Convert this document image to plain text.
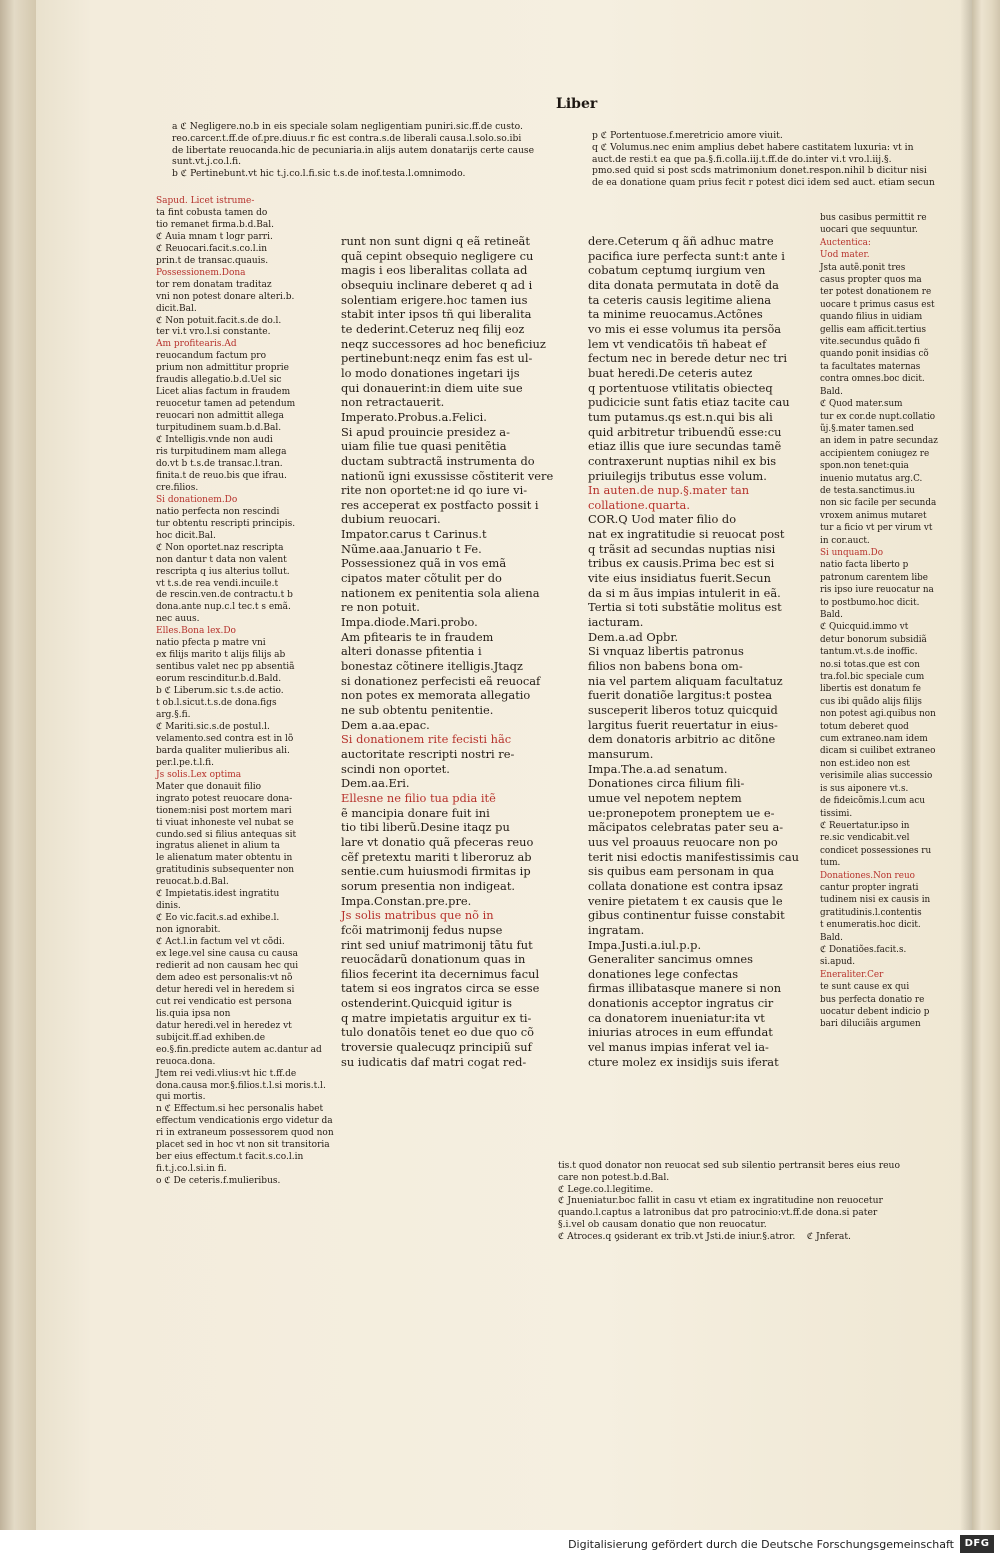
Liber
a ℭ Negligere.no.b in eis speciale solam negligentiam puniri.sic.ff.de custo.
reo.carcer.t.ff.de of.pre.diuus.r fic est contra.s.de liberali causa.l.solo.so.ibi
de libertate reuocanda.hic de pecuniaria.in alijs autem donatarijs certe cause
sunt.vt.j.co.l.fi.
b ℭ Pertinebunt.vt hic t.j.co.l.fi.sic t.s.de inof.testa.l.omnimodo.
p ℭ Portentuose.f.meretricio amore viuit.
q ℭ Volumus.nec enim amplius debet habere castitatem luxuria: vt in
auct.de resti.t ea que pa.§.fi.colla.iij.t.ff.de do.inter vi.t vro.l.iij.§.
pmo.sed quid si post scds matrimonium donet.respon.nihil b dicitur nisi
de ea donatione quam prius fecit r potest dici idem sed auct. etiam secun
Sapud. Licet istrume-
ta fint cobusta tamen do
tio remanet firma.b.d.Bal.
ℭ Auia mnam t logr parri.
ℭ Reuocari.facit.s.co.l.in
prin.t de transac.quauis.
Possessionem.Dona
tor rem donatam traditaz
vni non potest donare alteri.b.
dicit.Bal.
ℭ Non potuit.facit.s.de do.l.
ter vi.t vro.l.si constante.
Am profitearis.Ad
reuocandum factum pro
prium non admittitur proprie
fraudis allegatio.b.d.Uel sic
Licet alias factum in fraudem
reuocetur tamen ad petendum
reuocari non admittit allega
turpitudinem suam.b.d.Bal.
ℭ Intelligis.vnde non audi
ris turpitudinem mam allega
do.vt b t.s.de transac.l.tran.
finita.t de reuo.bis que ifrau.
cre.filios.
Si donationem.Do
natio perfecta non rescindi
tur obtentu rescripti principis.
hoc dicit.Bal.
ℭ Non oportet.naz rescripta
non dantur t data non valent
rescripta q ius alterius tollut.
vt t.s.de rea vendi.incuile.t
de rescin.ven.de contractu.t b
dona.ante nup.c.l tec.t s emã.
nec auus.
Elles.Bona lex.Do
natio pfecta p matre vni
ex filijs marito t alijs filijs ab
sentibus valet nec pp absentiã
eorum rescinditur.b.d.Bald.
b ℭ Liberum.sic t.s.de actio.
t ob.l.sicut.t.s.de dona.figs
arg.§.fi.
ℭ Mariti.sic.s.de postul.l.
velamento.sed contra est in lõ
barda qualiter mulieribus ali.
per.l.pe.t.l.fi.
Js solis.Lex optima
Mater que donauit filio
ingrato potest reuocare dona-
tionem:nisi post mortem mari
ti viuat inhoneste vel nubat se
cundo.sed si filius antequas sit
ingratus alienet in alium ta
le alienatum mater obtentu in
gratitudinis subsequenter non
reuocat.b.d.Bal.
ℭ Impietatis.idest ingratitu
dinis.
ℭ Eo vic.facit.s.ad exhibe.l.
non ignorabit.
ℭ Act.l.in factum vel vt cõdi.
ex lege.vel sine causa cu causa
redierit ad non causam hec qui
dem adeo est personalis:vt nõ
detur heredi vel in heredem si
cut rei vendicatio est persona
lis.quia ipsa non
datur heredi.vel in heredez vt
subijcit.ff.ad exhiben.de eo.§.fin.predicte autem ac.dantur ad reuoca.dona.
Jtem rei vedi.vlius:vt hic t.ff.de dona.causa mor.§.filios.t.l.si moris.t.l.
qui mortis.
n ℭ Effectum.si hec personalis habet effectum vendicationis ergo videtur da
ri in extraneum possessorem quod non placet sed in hoc vt non sit transitoria
ber eius effectum.t facit.s.co.l.in fi.t.j.co.l.si.in fi.
o ℭ De ceteris.f.mulieribus.
runt non sunt digni q eã retineãt
quã cepint obsequio negligere cu
magis i eos liberalitas collata ad
obsequiu inclinare deberet q ad i
solentiam erigere.hoc tamen ius
stabit inter ipsos tñ qui liberalita
te dederint.Ceteruz neq filij eoz
neqz successores ad hoc beneficiuz
pertinebunt:neqz enim fas est ul-
lo modo donationes ingetari ijs
qui donauerint:in diem uite sue
non retractauerit.
Imperato.Probus.a.Felici.
Si apud prouincie presidez a-
uiam filie tue quasi penitẽtia
ductam subtractã instrumenta do
nationũ igni exussisse cõstiterit vere
rite non oportet:ne id qo iure vi-
res acceperat ex postfacto possit i
dubium reuocari.
Impator.carus t Carinus.t
Nũme.aaa.Januario t Fe.
Possessionez quã in vos emã
cipatos mater cõtulit per do
nationem ex penitentia sola aliena
re non potuit.
Impa.diode.Mari.probo.
Am pfitearis te in fraudem
alteri donasse pfitentia i
bonestaz cõtinere itelligis.Jtaqz
si donationez perfecisti eã reuocaf
non potes ex memorata allegatio
ne sub obtentu penitentie.
Dem a.aa.epac.
Si donationem rite fecisti hãc
auctoritate rescripti nostri re-
scindi non oportet.
Dem.aa.Eri.
Ellesne ne filio tua pdia itẽ
ẽ mancipia donare fuit ini
tio tibi liberũ.Desine itaqz pu
lare vt donatio quã pfeceras reuo
cẽf pretextu mariti t liberoruz ab
sentie.cum huiusmodi firmitas ip
sorum presentia non indigeat.
Impa.Constan.pre.pre.
Js solis matribus que nõ in
fcõi matrimonij fedus nupse
rint sed uniuf matrimonij tãtu fut
reuocãdarũ donationum quas in
filios fecerint ita decernimus facul
tatem si eos ingratos circa se esse
ostenderint.Quicquid igitur is
q matre impietatis arguitur ex ti-
tulo donatõis tenet eo due quo cõ
troversie qualecuqz principiũ suf
su iudicatis daf matri cogat red-
dere.Ceterum q ãñ adhuc matre
pacifica iure perfecta sunt:t ante i
cobatum ceptumq iurgium ven
dita donata permutata in dotẽ da
ta ceteris causis legitime aliena
ta minime reuocamus.Actõnes
vo mis ei esse volumus ita persõa
lem vt vendicatõis tñ habeat ef
fectum nec in berede detur nec tri
buat heredi.De ceteris autez
q portentuose vtilitatis obiecteq
pudicicie sunt fatis etiaz tacite cau
tum putamus.qs est.n.qui bis ali
quid arbitretur tribuendũ esse:cu
etiaz illis que iure secundas tamẽ
contraxerunt nuptias nihil ex bis
priuilegijs tributus esse volum.
In auten.de nup.§.mater tan
collatione.quarta.
COR.Q Uod mater filio do
nat ex ingratitudie si reuocat post
q trãsit ad secundas nuptias nisi
tribus ex causis.Prima bec est si
vite eius insidiatus fuerit.Secun
da si m ãus impias intulerit in eã.
Tertia si toti substãtie molitus est
iacturam.
Dem.a.ad Opbr.
Si vnquaz libertis patronus
filios non babens bona om-
nia vel partem aliquam facultatuz
fuerit donatiõe largitus:t postea
susceperit liberos totuz quicquid
largitus fuerit reuertatur in eius-
dem donatoris arbitrio ac ditõne
mansurum.
Impa.The.a.ad senatum.
Donationes circa filium fili-
umue vel nepotem neptem
ue:pronepotem proneptem ue e-
mãcipatos celebratas pater seu a-
uus vel proauus reuocare non po
terit nisi edoctis manifestissimis cau
sis quibus eam personam in qua
collata donatione est contra ipsaz
venire pietatem t ex causis que le
gibus continentur fuisse constabit
ingratam.
Impa.Justi.a.iul.p.p.
Generaliter sancimus omnes
donationes lege confectas
firmas illibatasque manere si non
donationis acceptor ingratus cir
ca donatorem inueniatur:ita vt
iniurias atroces in eum effundat
vel manus impias inferat vel ia-
cture molez ex insidijs suis iferat
bus casibus permittit re
uocari que sequuntur.
Auctentica:
Uod mater.
Jsta autẽ.ponit tres
casus propter quos ma
ter potest donationem re
uocare t primus casus est
quando filius in uidiam
gellis eam afficit.tertius
vite.secundus quãdo fi
quando ponit insidias cõ
ta facultates maternas
contra omnes.boc dicit.
Bald.
ℭ Quod mater.sum
tur ex cor.de nupt.collatio
ũj.§.mater tamen.sed
an idem in patre secundaz
accipientem coniugez re
spon.non tenet:quia
inuenio mutatus arg.C.
de testa.sanctimus.iu
non sic facile per secunda
vroxem animus mutaret
tur a ficio vt per virum vt
in cor.auct.
Si unquam.Do
natio facta liberto p
patronum carentem libe
ris ipso iure reuocatur na
to postbumo.hoc dicit.
Bald.
ℭ Quicquid.immo vt
detur bonorum subsidiã
tantum.vt.s.de inoffic.
no.si totas.que est con
tra.fol.bic speciale cum
libertis est donatum fe
cus ibi quãdo alijs filijs
non potest agi.quibus non
totum deberet quod
cum extraneo.nam idem
dicam si cuilibet extraneo
non est.ideo non est
verisimile alias successio
is sus aiponere vt.s.
de fideicõmis.l.cum acu
tissimi.
ℭ Reuertatur.ipso in
re.sic vendicabit.vel
condicet possessiones ru
tum.
Donationes.Non reuo
cantur propter ingrati
tudinem nisi ex causis in
gratitudinis.l.contentis
t enumeratis.hoc dicit.
Bald.
ℭ Donatiões.facit.s.
si.apud.
Eneraliter.Cer
te sunt cause ex qui
bus perfecta donatio re
uocatur debent indicio p
bari diluciãis argumen
tis.t quod donator non reuocat sed sub silentio pertransit beres eius reuo
care non potest.b.d.Bal.
ℭ Lege.co.l.legitime.
ℭ Jnueniatur.boc fallit in casu vt etiam ex ingratitudine non reuocetur
quando.l.captus a latronibus dat pro patrocinio:vt.ff.de dona.si pater
§.i.vel ob causam donatio que non reuocatur.
ℭ Atroces.q ꝯsiderant ex trib.vt Jsti.de iniur.§.atror.    ℭ Jnferat.
Digitalisierung gefördert durch die Deutsche Forschungsgemeinschaft	DFG
